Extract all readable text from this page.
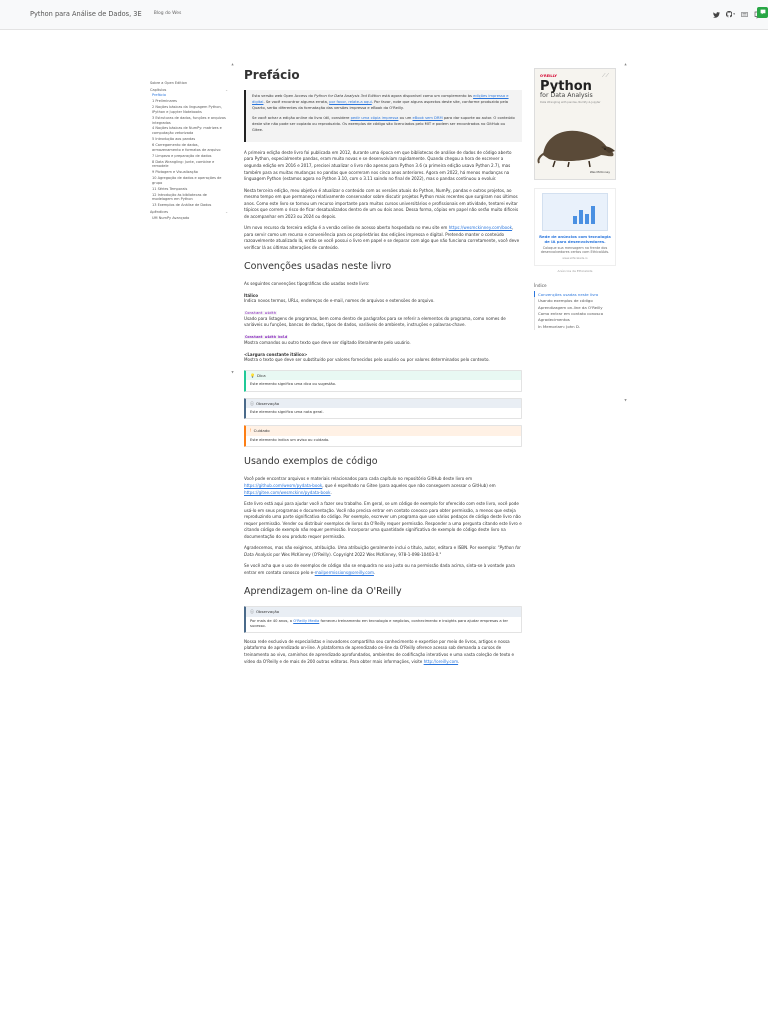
Python para Análise de Dados, 3E	Blog do Wes	▾
Sobre a Open Edition
Capítulos	⌄
Prefácio
1 Preliminares
2 Noções básicas da linguagem Python, IPython e Jupyter Notebooks
3 Estruturas de dados, funções e arquivos integrados
4 Noções básicas de NumPy: matrizes e computação vetorizada
5 Introdução aos pandas
6 Carregamento de dados, armazenamento e formatos de arquivo
7 Limpeza e preparação de dados
8 Data Wrangling: Junte, combine e remodele
9 Plotagem e Visualização
10 Agregação de dados e operações de grupo
11 Séries Temporais
12 Introdução às bibliotecas de modelagem em Python
13 Exemplos de Análise de Dados
Apêndices	⌄
UM NumPy Avançado
▲
▼
Prefácio

Esta versão web Open Access do Python for Data Analysis 3rd Edition está agora disponível como um complemento às edições impressa e digital. Se você encontrar alguma errata, por favor, relate-a aqui. Por favor, note que alguns aspectos deste site, conforme produzido pela Quarto, serão diferentes da formatação das versões impressa e eBook da O'Reilly.

Se você achar a edição online do livro útil, considere pedir uma cópia impressa ou um eBook sem DRM para dar suporte ao autor. O conteúdo deste site não pode ser copiado ou reproduzido. Os exemplos de código são licenciados pelo MIT e podem ser encontrados no GitHub ou Gitee.

A primeira edição deste livro foi publicada em 2012, durante uma época em que bibliotecas de análise de dados de código aberto para Python, especialmente pandas, eram muito novas e se desenvolviam rapidamente. Quando chegou a hora de escrever a segunda edição em 2016 e 2017, precisei atualizar o livro não apenas para Python 3.6 (a primeira edição usava Python 2.7), mas também para as muitas mudanças no pandas que ocorreram nos cinco anos anteriores. Agora em 2022, há menos mudanças na linguagem Python (estamos agora no Python 3.10, com o 3.11 saindo no final de 2022), mas o pandas continuou a evoluir.

Nesta terceira edição, meu objetivo é atualizar o conteúdo com as versões atuais do Python, NumPy, pandas e outros projetos, ao mesmo tempo em que permaneço relativamente conservador sobre discutir projetos Python mais recentes que surgiram nos últimos anos. Como este livro se tornou um recurso importante para muitos cursos universitários e profissionais em atividade, tentarei evitar tópicos que correm o risco de ficar desatualizados dentro de um ou dois anos. Dessa forma, cópias em papel não serão muito difíceis de acompanhar em 2023 ou 2024 ou depois.

Um novo recurso da terceira edição é a versão online de acesso aberto hospedada no meu site em https://wesmckinney.com/book, para servir como um recurso e conveniência para os proprietários das edições impressa e digital. Pretendo manter o conteúdo razoavelmente atualizado lá, então se você possui o livro em papel e se deparar com algo que não funciona corretamente, você deve verificar lá as últimas alterações de conteúdo.

Convenções usadas neste livro

As seguintes convenções tipográficas são usadas neste livro:

Itálico

Indica novos termos, URLs, endereços de e-mail, nomes de arquivos e extensões de arquivo.

Constant width

Usado para listagens de programas, bem como dentro de parágrafos para se referir a elementos do programa, como nomes de variáveis ou funções, bancos de dados, tipos de dados, variáveis de ambiente, instruções e palavras-chave.

Constant width bold

Mostra comandos ou outro texto que deve ser digitado literalmente pelo usuário.

<Largura constante itálico>

Mostra o texto que deve ser substituído por valores fornecidos pelo usuário ou por valores determinados pelo contexto.

💡 Dica
Este elemento significa uma dica ou sugestão.
ⓘ Observação
Este elemento significa uma nota geral.
! Cuidado
Este elemento indica um aviso ou cuidado.
Usando exemplos de código

Você pode encontrar arquivos e materiais relacionados para cada capítulo no repositório GitHub deste livro em https://github.com/wesm/pydata-book, que é espelhado no Gitee (para aqueles que não conseguem acessar o GitHub) em https://gitee.com/wesmckinn/pydata-book.

Este livro está aqui para ajudar você a fazer seu trabalho. Em geral, se um código de exemplo for oferecido com este livro, você pode usá-lo em seus programas e documentação. Você não precisa entrar em contato conosco para obter permissão, a menos que esteja reproduzindo uma parte significativa do código. Por exemplo, escrever um programa que use vários pedaços de código deste livro não requer permissão. Vender ou distribuir exemplos de livros da O'Reilly requer permissão. Responder a uma pergunta citando este livro e citando código de exemplo não requer permissão. Incorporar uma quantidade significativa de exemplo de código deste livro na documentação do seu produto requer permissão.

Agradecemos, mas não exigimos, atribuição. Uma atribuição geralmente inclui o título, autor, editora e ISBN. Por exemplo: "Python for Data Analysis por Wes McKinney (O'Reilly). Copyright 2022 Wes McKinney, 978-1-098-10403-0."

Se você acha que o uso de exemplos de código não se enquadra no uso justo ou na permissão dada acima, sinta-se à vontade para entrar em contato conosco pelo e-mailpermissions@oreilly.com.

Aprendizagem on-line da O'Reilly
ⓘ Observação
Por mais de 40 anos, a O'Reilly Media forneceu treinamento em tecnologia e negócios, conhecimento e insights para ajudar empresas a ter sucesso.

Nossa rede exclusiva de especialistas e inovadores compartilha seu conhecimento e expertise por meio de livros, artigos e nossa plataforma de aprendizado on-line. A plataforma de aprendizado on-line da O'Reilly oferece acesso sob demanda a cursos de treinamento ao vivo, caminhos de aprendizado aprofundados, ambientes de codificação interativos e uma vasta coleção de texto e vídeo da O'Reilly e de mais de 200 outras editoras. Para obter mais informações, visite http://oreilly.com.

O'REILLY	⟋⟋
Python
for Data Analysis
Data Wrangling with pandas, NumPy & Jupyter
Wes McKinney
Rede de anúncios com tecnologia de IA para desenvolvedores.
Coloque sua mensagem na frente dos desenvolvedores certos com EthicalAds.
www.ethicalads.io
Anúncios da EthicalAds
Índice
Convenções usadas neste livro
Usando exemplos de código
Aprendizagem on-line da O'Reilly
Como entrar em contato conosco
Agradecimentos
In Memoriam: John D.
▲
▼
